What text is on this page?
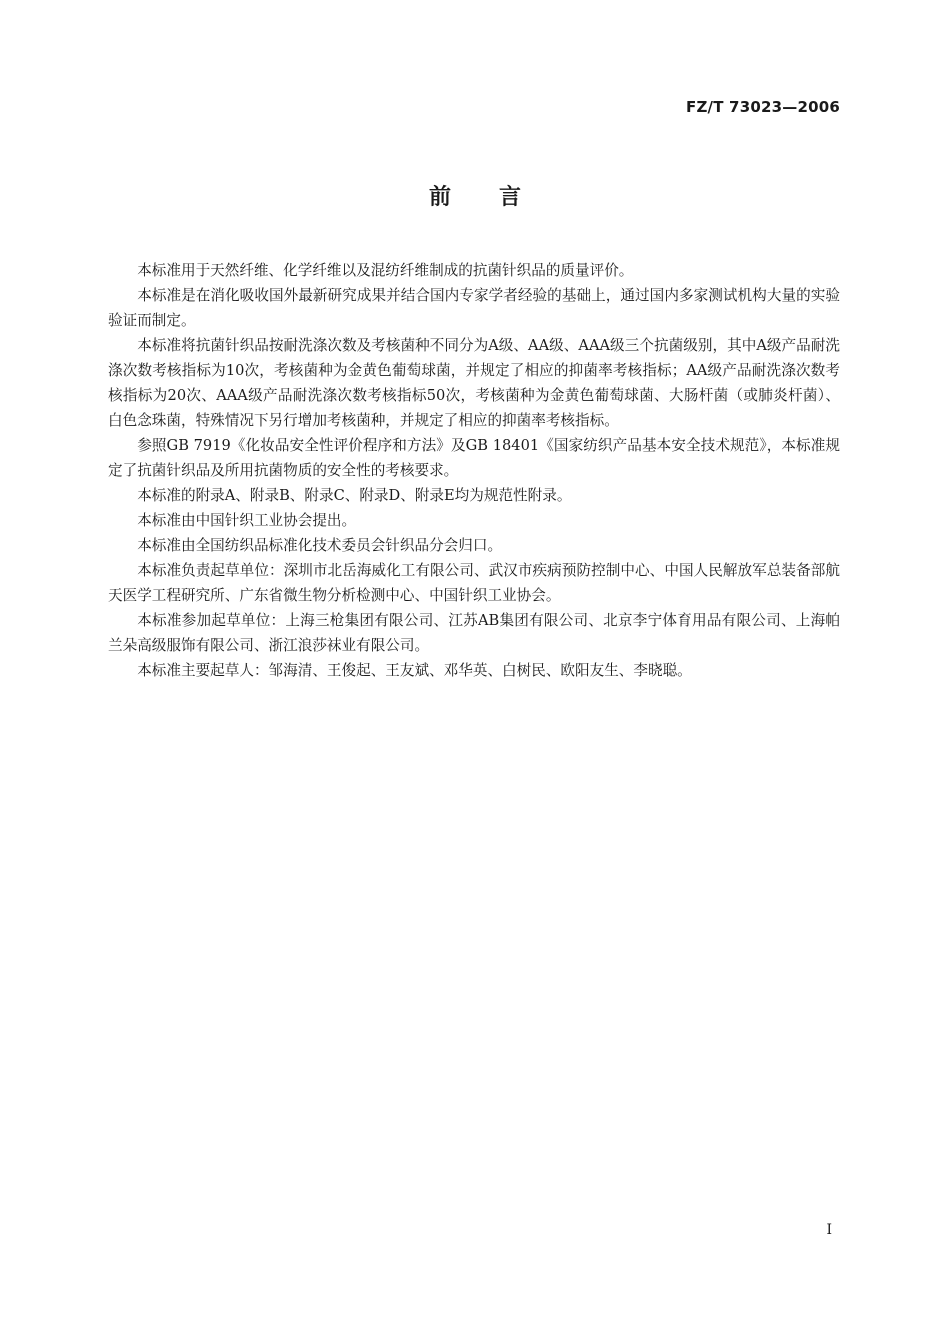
FZ/T 73023—2006
前言

本标准用于天然纤维、化学纤维以及混纺纤维制成的抗菌针织品的质量评价。

本标准是在消化吸收国外最新研究成果并结合国内专家学者经验的基础上，通过国内多家测试机构大量的实验验证而制定。

本标准将抗菌针织品按耐洗涤次数及考核菌种不同分为A级、AA级、AAA级三个抗菌级别，其中A级产品耐洗涤次数考核指标为10次，考核菌种为金黄色葡萄球菌，并规定了相应的抑菌率考核指标；AA级产品耐洗涤次数考核指标为20次、AAA级产品耐洗涤次数考核指标50次，考核菌种为金黄色葡萄球菌、大肠杆菌（或肺炎杆菌）、白色念珠菌，特殊情况下另行增加考核菌种，并规定了相应的抑菌率考核指标。

参照GB 7919《化妆品安全性评价程序和方法》及GB 18401《国家纺织产品基本安全技术规范》，本标准规定了抗菌针织品及所用抗菌物质的安全性的考核要求。

本标准的附录A、附录B、附录C、附录D、附录E均为规范性附录。

本标准由中国针织工业协会提出。

本标准由全国纺织品标准化技术委员会针织品分会归口。

本标准负责起草单位：深圳市北岳海威化工有限公司、武汉市疾病预防控制中心、中国人民解放军总装备部航天医学工程研究所、广东省微生物分析检测中心、中国针织工业协会。

本标准参加起草单位：上海三枪集团有限公司、江苏AB集团有限公司、北京李宁体育用品有限公司、上海帕兰朵高级服饰有限公司、浙江浪莎袜业有限公司。

本标准主要起草人：邹海清、王俊起、王友斌、邓华英、白树民、欧阳友生、李晓聪。

I
